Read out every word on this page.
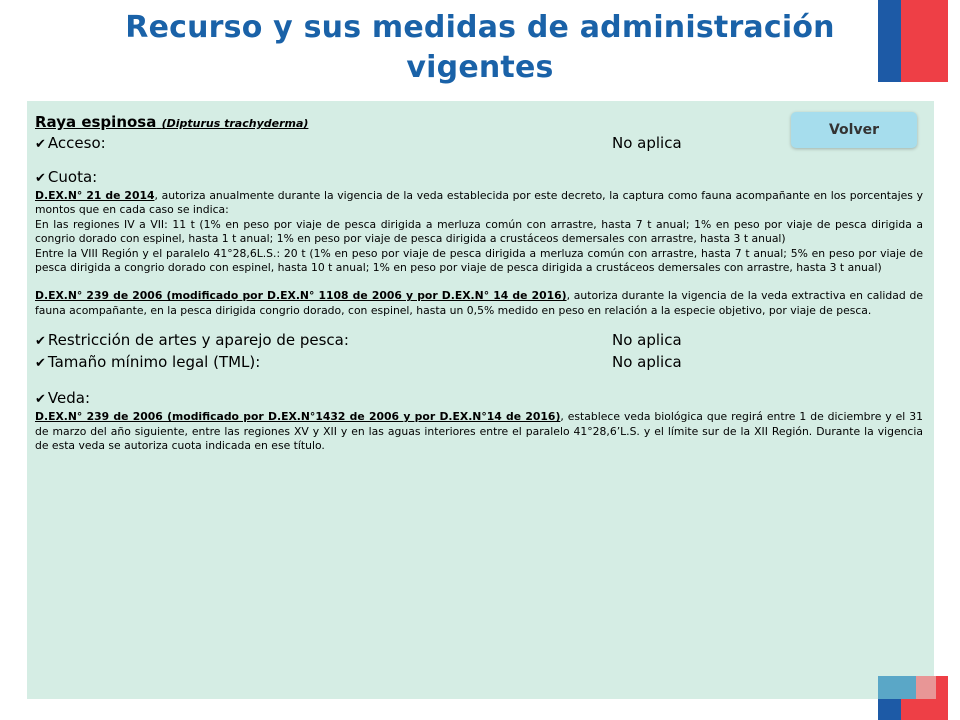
Recurso y sus medidas de administración vigentes
Raya espinosa (Dipturus trachyderma)
✔ Acceso:	No aplica
✔ Cuota:

D.EX.N° 21 de 2014, autoriza anualmente durante la vigencia de la veda establecida por este decreto, la captura como fauna acompañante en los porcentajes y montos que en cada caso se indica:

En las regiones IV a VII: 11 t (1% en peso por viaje de pesca dirigida a merluza común con arrastre, hasta 7 t anual; 1% en peso por viaje de pesca dirigida a congrio dorado con espinel, hasta 1 t anual; 1% en peso por viaje de pesca dirigida a crustáceos demersales con arrastre, hasta 3 t anual)

Entre la VIII Región y el paralelo 41°28,6L.S.: 20 t (1% en peso por viaje de pesca dirigida a merluza común con arrastre, hasta 7 t anual; 5% en peso por viaje de pesca dirigida a congrio dorado con espinel, hasta 10 t anual; 1% en peso por viaje de pesca dirigida a crustáceos demersales con arrastre, hasta 3 t anual)

D.EX.N° 239 de 2006 (modificado por D.EX.N° 1108 de 2006 y por D.EX.N° 14 de 2016), autoriza durante la vigencia de la veda extractiva en calidad de fauna acompañante, en la pesca dirigida congrio dorado, con espinel, hasta un 0,5% medido en peso en relación a la especie objetivo, por viaje de pesca.

✔ Restricción de artes y aparejo de pesca:	No aplica
✔ Tamaño mínimo legal (TML):	No aplica
✔ Veda:

D.EX.N° 239 de 2006 (modificado por D.EX.N°1432 de 2006 y por D.EX.N°14 de 2016), establece veda biológica que regirá entre 1 de diciembre y el 31 de marzo del año siguiente, entre las regiones XV y XII y en las aguas interiores entre el paralelo 41°28,6’L.S. y el límite sur de la XII Región. Durante la vigencia de esta veda se autoriza cuota indicada en ese título.

Volver
